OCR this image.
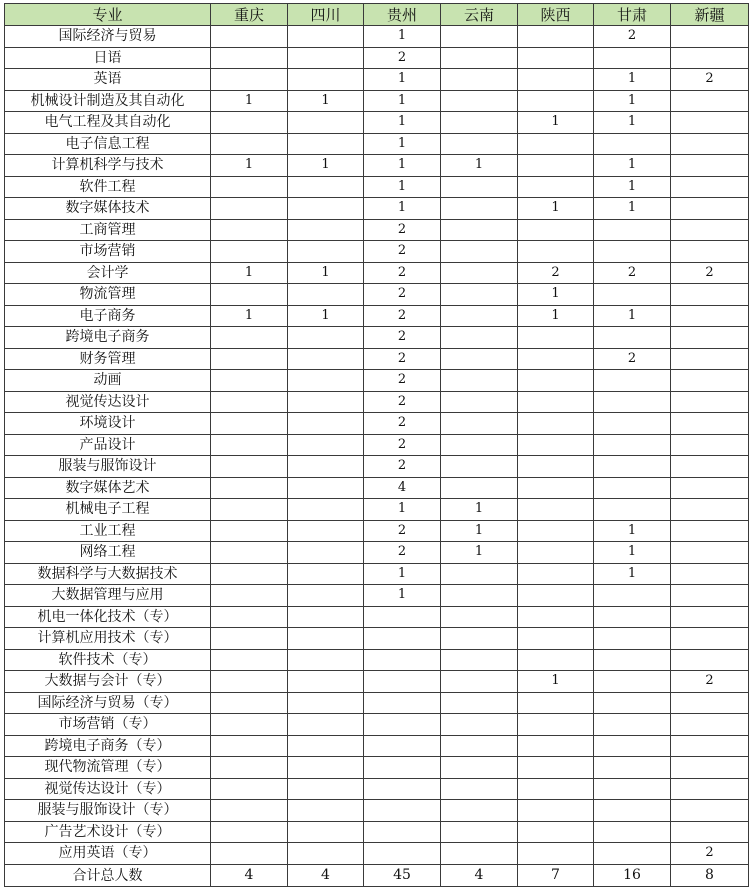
专业	重庆	四川	贵州	云南	陕西	甘肃	新疆
国际经济与贸易			1			2	
日语			2				
英语			1			1	2
机械设计制造及其自动化	1	1	1			1	
电气工程及其自动化			1		1	1	
电子信息工程			1				
计算机科学与技术	1	1	1	1		1	
软件工程			1			1	
数字媒体技术			1		1	1	
工商管理			2				
市场营销			2				
会计学	1	1	2		2	2	2
物流管理			2		1		
电子商务	1	1	2		1	1	
跨境电子商务			2				
财务管理			2			2	
动画			2				
视觉传达设计			2				
环境设计			2				
产品设计			2				
服装与服饰设计			2				
数字媒体艺术			4				
机械电子工程			1	1			
工业工程			2	1		1	
网络工程			2	1		1	
数据科学与大数据技术			1			1	
大数据管理与应用			1				
机电一体化技术（专）							
计算机应用技术（专）							
软件技术（专）							
大数据与会计（专）					1		2
国际经济与贸易（专）							
市场营销（专）							
跨境电子商务（专）							
现代物流管理（专）							
视觉传达设计（专）							
服装与服饰设计（专）							
广告艺术设计（专）							
应用英语（专）							2
合计总人数	4	4	45	4	7	16	8
